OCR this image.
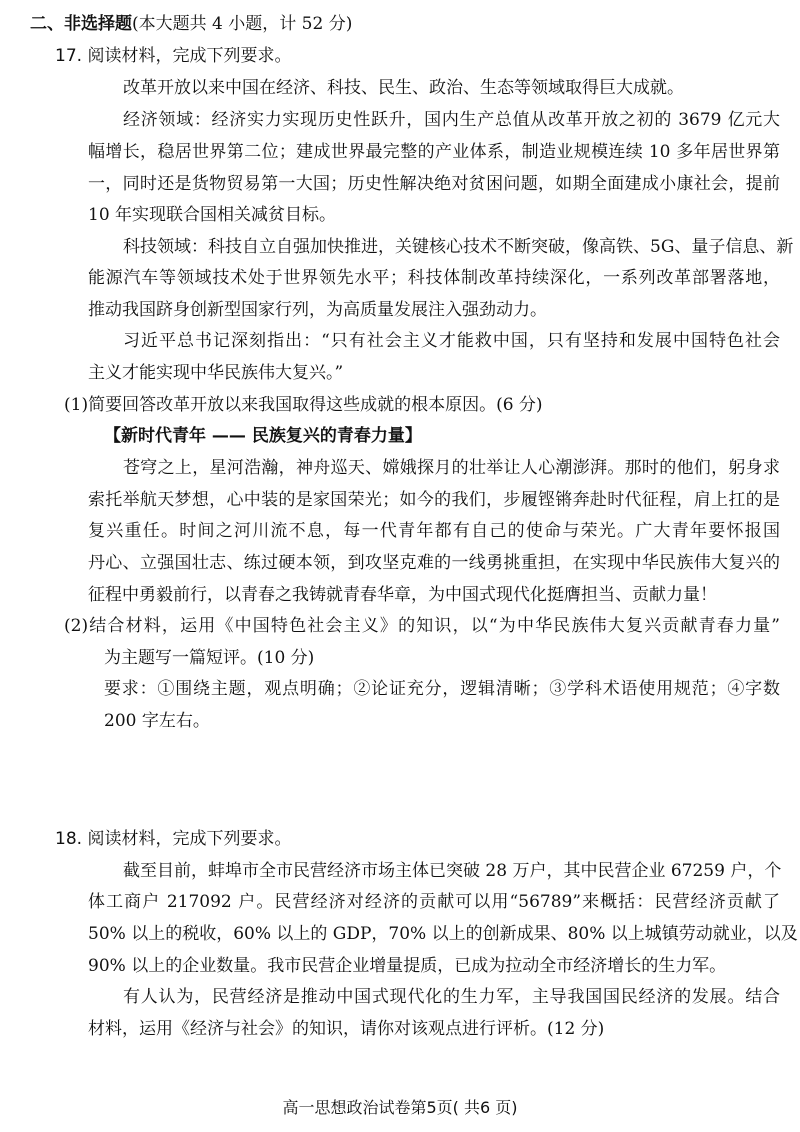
二、非选择题(本大题共 4 小题，计 52 分)
17. 阅读材料，完成下列要求。
改革开放以来中国在经济、科技、民生、政治、生态等领域取得巨大成就。
经济领域：经济实力实现历史性跃升，国内生产总值从改革开放之初的 3679 亿元大
幅增长，稳居世界第二位；建成世界最完整的产业体系，制造业规模连续 10 多年居世界第
一，同时还是货物贸易第一大国；历史性解决绝对贫困问题，如期全面建成小康社会，提前
10 年实现联合国相关减贫目标。
科技领域：科技自立自强加快推进，关键核心技术不断突破，像高铁、5G、量子信息、新
能源汽车等领域技术处于世界领先水平；科技体制改革持续深化，一系列改革部署落地，
推动我国跻身创新型国家行列，为高质量发展注入强劲动力。
习近平总书记深刻指出：“只有社会主义才能救中国，只有坚持和发展中国特色社会
主义才能实现中华民族伟大复兴。”
(1)简要回答改革开放以来我国取得这些成就的根本原因。(6 分)
【新时代青年 —— 民族复兴的青春力量】
苍穹之上，星河浩瀚，神舟巡天、嫦娥探月的壮举让人心潮澎湃。那时的他们，躬身求
索托举航天梦想，心中装的是家国荣光；如今的我们，步履铿锵奔赴时代征程，肩上扛的是
复兴重任。时间之河川流不息，每一代青年都有自己的使命与荣光。广大青年要怀报国
丹心、立强国壮志、练过硬本领，到攻坚克难的一线勇挑重担，在实现中华民族伟大复兴的
征程中勇毅前行，以青春之我铸就青春华章，为中国式现代化挺膺担当、贡献力量！
(2)结合材料，运用《中国特色社会主义》的知识，以“为中华民族伟大复兴贡献青春力量”
为主题写一篇短评。(10 分)
要求：①围绕主题，观点明确；②论证充分，逻辑清晰；③学科术语使用规范；④字数
200 字左右。
18. 阅读材料，完成下列要求。
截至目前，蚌埠市全市民营经济市场主体已突破 28 万户，其中民营企业 67259 户，个
体工商户 217092 户。民营经济对经济的贡献可以用“56789”来概括：民营经济贡献了
50% 以上的税收，60% 以上的 GDP，70% 以上的创新成果、80% 以上城镇劳动就业，以及
90% 以上的企业数量。我市民营企业增量提质，已成为拉动全市经济增长的生力军。
有人认为，民营经济是推动中国式现代化的生力军，主导我国国民经济的发展。结合
材料，运用《经济与社会》的知识，请你对该观点进行评析。(12 分)
高一思想政治试卷第5页( 共6 页)
